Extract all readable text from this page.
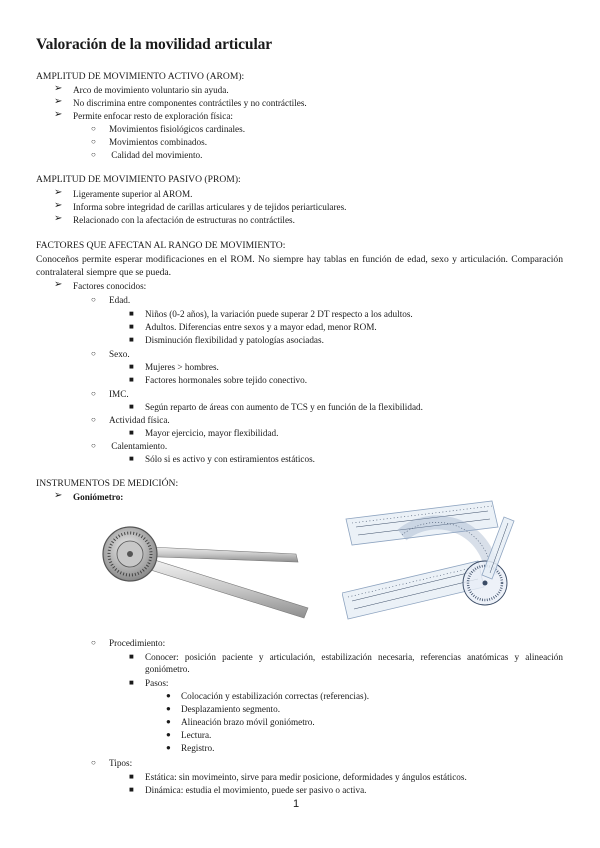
Valoración de la movilidad articular

AMPLITUD DE MOVIMIENTO ACTIVO (AROM):

➢ Arco de movimiento voluntario sin ayuda.

➢ No discrimina entre componentes contráctiles y no contráctiles.

➢ Permite enfocar resto de exploración física:

○ Movimientos fisiológicos cardinales.

○ Movimientos combinados.

○ Calidad del movimiento.

AMPLITUD DE MOVIMIENTO PASIVO (PROM):

➢ Ligeramente superior al AROM.

➢ Informa sobre integridad de carillas articulares y de tejidos periarticulares.

➢ Relacionado con la afectación de estructuras no contráctiles.

FACTORES QUE AFECTAN AL RANGO DE MOVIMIENTO:

Conoceños permite esperar modificaciones en el ROM. No siempre hay tablas en función de edad, sexo y articulación. Comparación contralateral siempre que se pueda.

➢ Factores conocidos:

○ Edad.

■ Niños (0-2 años), la variación puede superar 2 DT respecto a los adultos.

■ Adultos. Diferencias entre sexos y a mayor edad, menor ROM.

■ Disminución flexibilidad y patologías asociadas.

○ Sexo.

■ Mujeres > hombres.

■ Factores hormonales sobre tejido conectivo.

○ IMC.

■ Según reparto de áreas con aumento de TCS y en función de la flexibilidad.

○ Actividad física.

■ Mayor ejercicio, mayor flexibilidad.

○ Calentamiento.

■ Sólo si es activo y con estiramientos estáticos.

INSTRUMENTOS DE MEDICIÓN:

➢ Goniómetro:

○ Procedimiento:

■ Conocer: posición paciente y articulación, estabilización necesaria, referencias anatómicas y alineación goniómetro.

■ Pasos:

● Colocación y estabilización correctas (referencias).

● Desplazamiento segmento.

● Alineación brazo móvil goniómetro.

● Lectura.

● Registro.

○ Tipos:

■ Estática: sin movimeinto, sirve para medir posicione, deformidades y ángulos estáticos.

■ Dinámica: estudia el movimiento, puede ser pasivo o activa.

1
